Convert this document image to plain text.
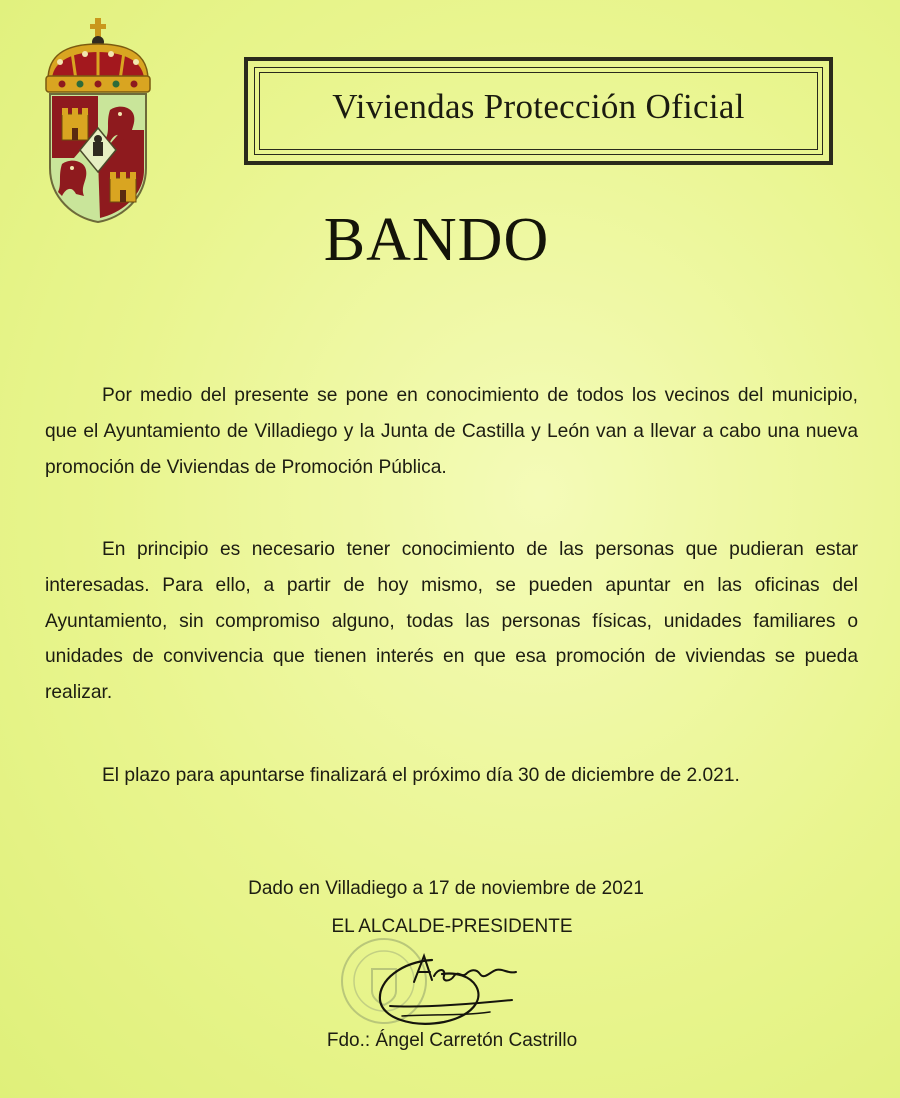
Viviendas Protección Oficial
BANDO

Por medio del presente se pone en conocimiento de todos los vecinos del municipio, que el Ayuntamiento de Villadiego y la Junta de Castilla y León van a llevar a cabo una nueva promoción de Viviendas de Promoción Pública.

En principio es necesario tener conocimiento de las personas que pudieran estar interesadas. Para ello, a partir de hoy mismo, se pueden apuntar en las oficinas del Ayuntamiento, sin compromiso alguno, todas las personas físicas, unidades familiares o unidades de convivencia que tienen interés en que esa promoción de viviendas se pueda realizar.

El plazo para apuntarse finalizará el próximo día 30 de diciembre de 2.021.

Dado en Villadiego a 17 de noviembre de 2021

EL ALCALDE-PRESIDENTE

Fdo.: Ángel Carretón Castrillo
